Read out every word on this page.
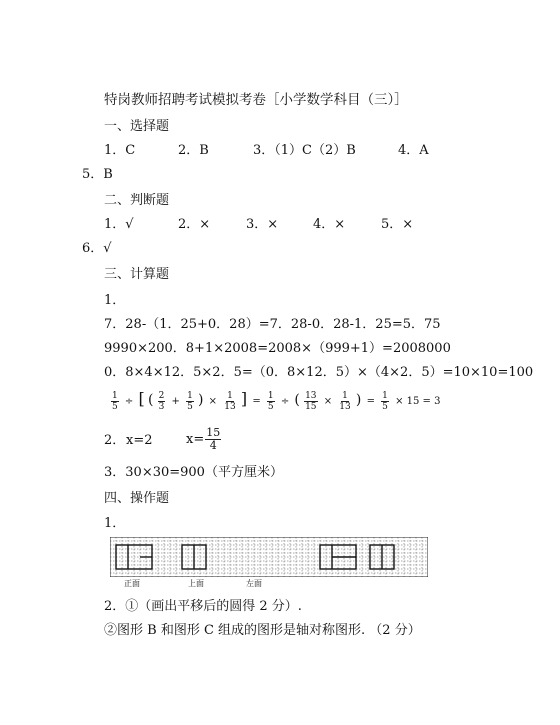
特岗教师招聘考试模拟考卷［小学数学科目（三）］
一、选择题
1．C	2．B	3．（1）C（2）B	4．A
5．B
二、判断题
1．√	2．×	3．×	4．×	5．×
6．√
三、计算题
1．
7．28-（1．25+0．28）=7．28-0．28-1．25=5．75
9990×200．8+1×2008=2008×（999+1）=2008000
0．8×4×12．5×2．5=（0．8×12．5）×（4×2．5）=10×10=100
$\frac{1}{5}$ ÷ [ ( $\frac{2}{3} + \frac{1}{5}$ ) × $\frac{1}{13}$ ] = $\frac{1}{5}$ ÷ ( $\frac{13}{15} \times \frac{1}{13}$ ) = $\frac{1}{5} \times 15 = 3$
2． x=2	$x= \frac{15}{4}$
3．30×30=900（平方厘米）
四、操作题
1．
正面	上面	左面
2．①（画出平移后的圆得 2 分）.
②图形 B 和图形 C 组成的图形是轴对称图形. （2 分）
